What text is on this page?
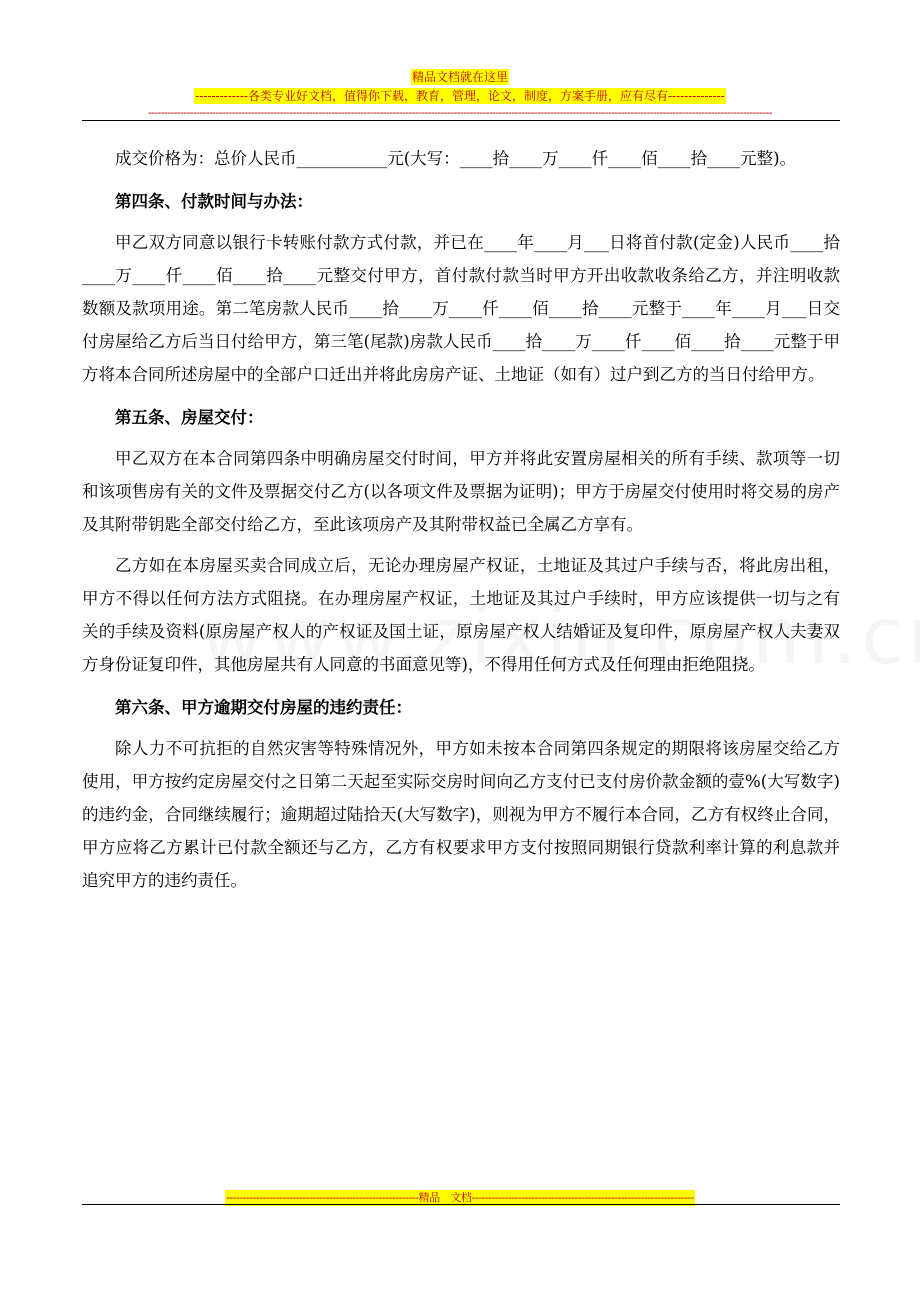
精品文档就在这里
-------------各类专业好文档，值得你下载，教育，管理，论文，制度，方案手册，应有尽有--------------
--------------------------------------------------------------------------------------------------------------------------------------------------------------------------------------------------

成交价格为：总价人民币___________元(大写：____拾____万____仟____佰____拾____元整)。

第四条、付款时间与办法：

甲乙双方同意以银行卡转账付款方式付款，并已在____年____月___日将首付款(定金)人民币____拾____万____仟____佰____拾____元整交付甲方，首付款付款当时甲方开出收款收条给乙方，并注明收款数额及款项用途。第二笔房款人民币____拾____万____仟____佰____拾____元整于____年____月___日交付房屋给乙方后当日付给甲方，第三笔(尾款)房款人民币____拾____万____仟____佰____拾____元整于甲方将本合同所述房屋中的全部户口迁出并将此房房产证、土地证（如有）过户到乙方的当日付给甲方。

第五条、房屋交付：

甲乙双方在本合同第四条中明确房屋交付时间，甲方并将此安置房屋相关的所有手续、款项等一切和该项售房有关的文件及票据交付乙方(以各项文件及票据为证明)；甲方于房屋交付使用时将交易的房产及其附带钥匙全部交付给乙方，至此该项房产及其附带权益已全属乙方享有。

乙方如在本房屋买卖合同成立后，无论办理房屋产权证，土地证及其过户手续与否，将此房出租，甲方不得以任何方法方式阻挠。在办理房屋产权证，土地证及其过户手续时，甲方应该提供一切与之有关的手续及资料(原房屋产权人的产权证及国土证，原房屋产权人结婚证及复印件，原房屋产权人夫妻双方身份证复印件，其他房屋共有人同意的书面意见等)，不得用任何方式及任何理由拒绝阻挠。

第六条、甲方逾期交付房屋的违约责任：

除人力不可抗拒的自然灾害等特殊情况外，甲方如未按本合同第四条规定的期限将该房屋交给乙方使用，甲方按约定房屋交付之日第二天起至实际交房时间向乙方支付已支付房价款金额的壹%(大写数字)的违约金，合同继续履行；逾期超过陆拾天(大写数字)，则视为甲方不履行本合同，乙方有权终止合同，甲方应将乙方累计已付款全额还与乙方，乙方有权要求甲方支付按照同期银行贷款利率计算的利息款并追究甲方的违约责任。

----------------------------------------------------------精品　文档-------------------------------------------------------------------
